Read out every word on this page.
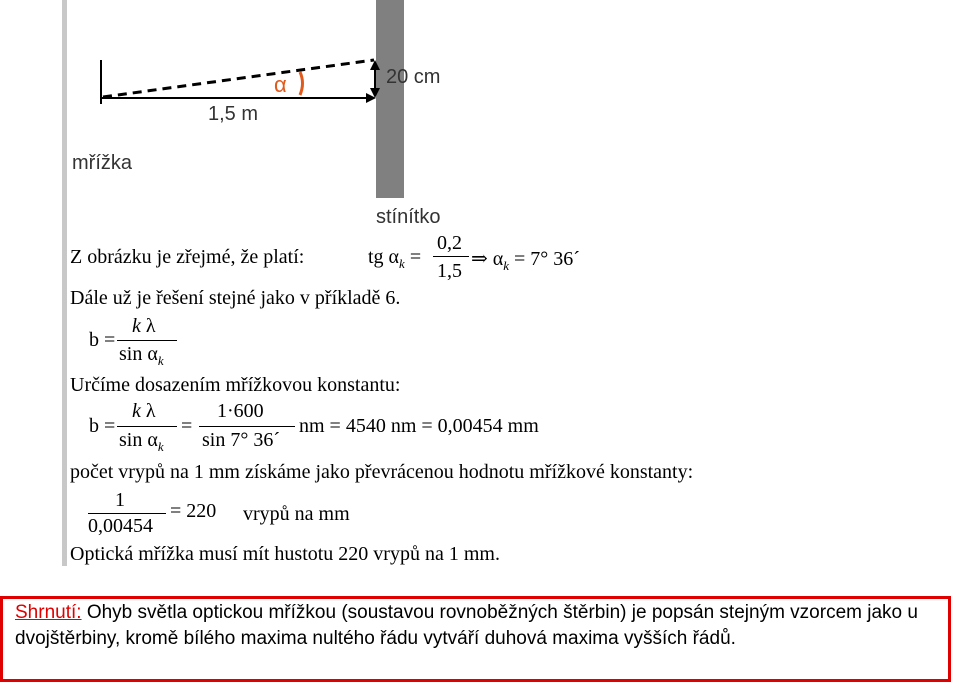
α	20 cm
1,5 m
mřížka
stínítko
Z obrázku je zřejmé, že platí:	tg $\alpha_k$ =
0,2
1,5
⇒ $\alpha_k = 7^\circ$ 36´
Dále už je řešení stejné jako v příkladě 6.
b =
k λ
$\sin \alpha_k$
Určíme dosazením mřížkovou konstantu:
b =
k λ
$\sin \alpha_k$
=
1·600
sin 7° 36´
nm = 4540 nm = 0,00454 mm
počet vrypů na 1 mm získáme jako převrácenou hodnotu mřížkové konstanty:
1
0,00454
= 220 vrypů na mm
Optická mřížka musí mít hustotu 220 vrypů na 1 mm.
Shrnutí: Ohyb světla optickou mřížkou (soustavou rovnoběžných štěrbin) je popsán stejným vzorcem jako u dvojštěrbiny, kromě bílého maxima nultého řádu vytváří duhová maxima vyšších řádů.
